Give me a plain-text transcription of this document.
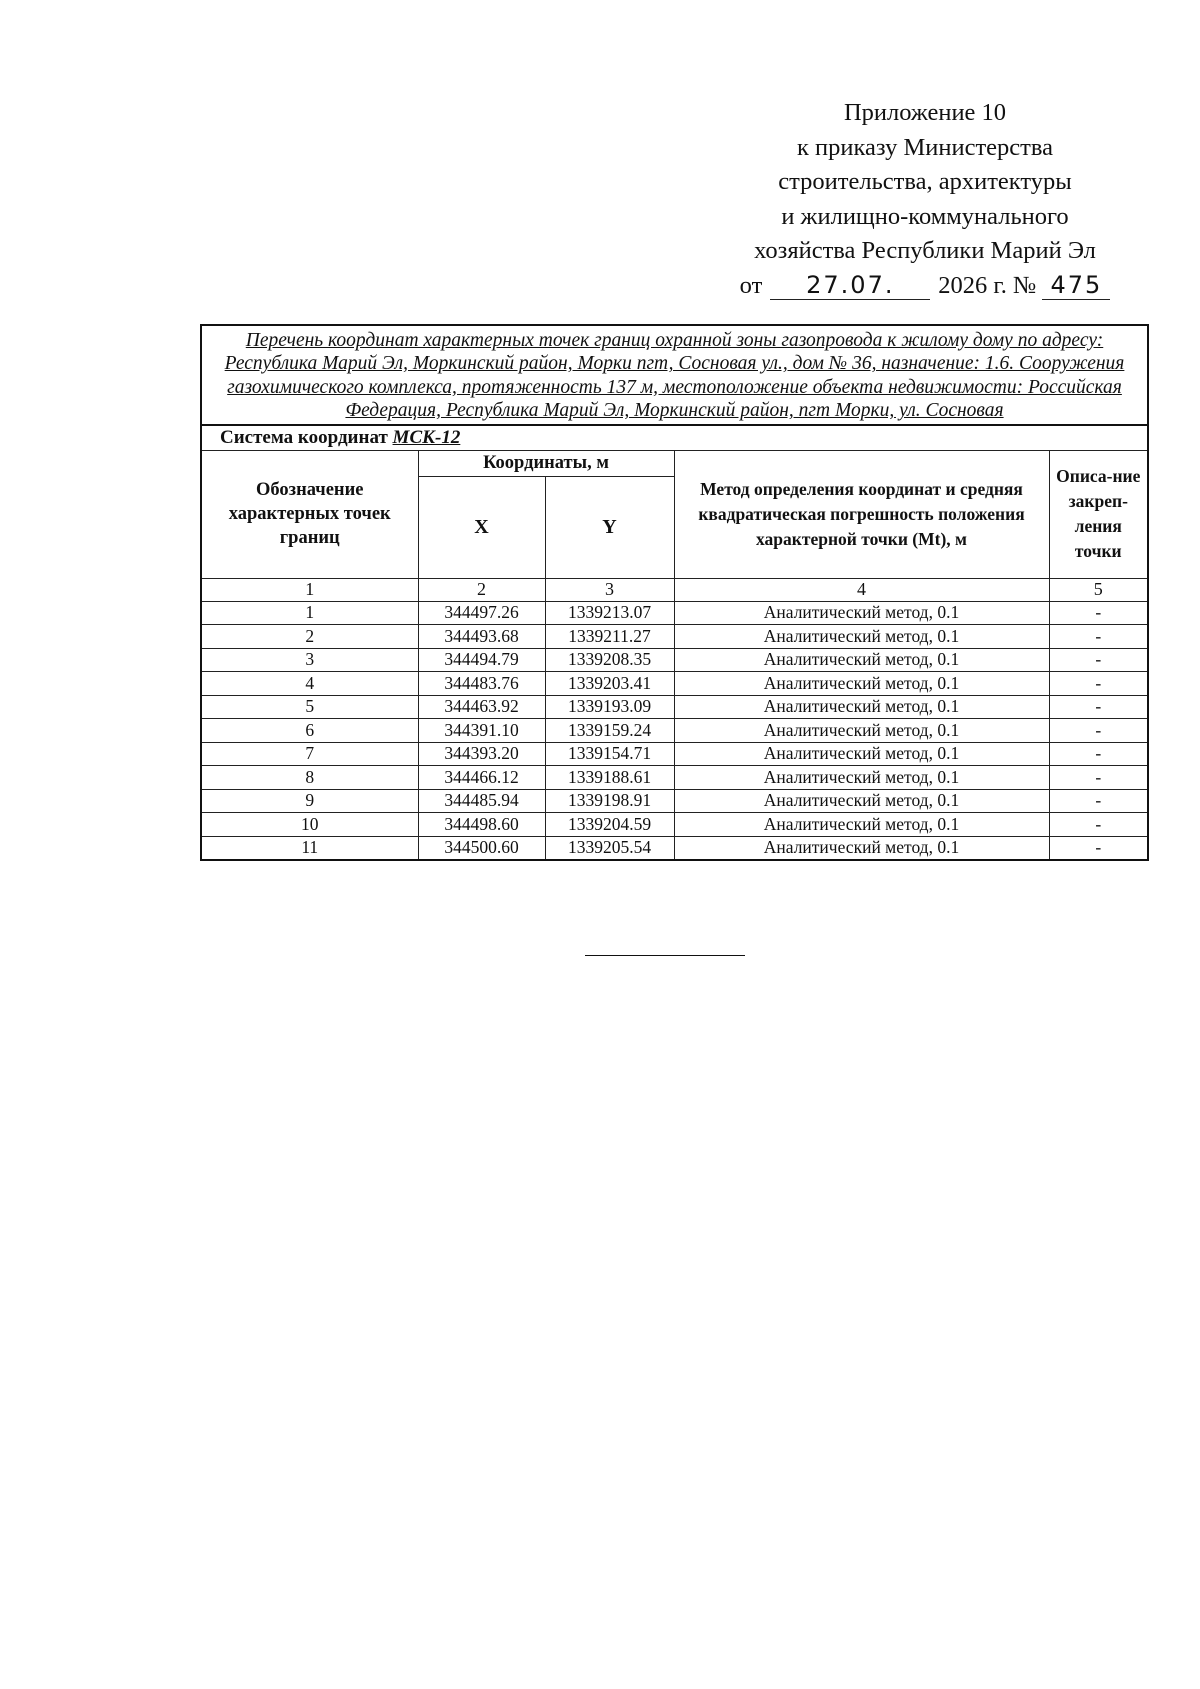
Приложение 10
к приказу Министерства
строительства, архитектуры
и жилищно-коммунального
хозяйства Республики Марий Эл
от 27.07. 2026 г. № 475
Перечень координат характерных точек границ охранной зоны газопровода к жилому дому по адресу: Республика Марий Эл, Моркинский район, Морки пгт, Сосновая ул., дом № 36, назначение: 1.6. Сооружения газохимического комплекса, протяженность 137 м, местоположение объекта недвижимости: Российская Федерация, Республика Марий Эл, Моркинский район, пгт Морки, ул. Сосновая				
Система координат МСК-12				
Обозначение характерных точек границ	Координаты, м		Метод определения координат и средняя квадратическая погрешность положения характерной точки (Mt), м	Описа-ние закреп-ления точки
	X	Y		
1	2	3	4	5
1	344497.26	1339213.07	Аналитический метод, 0.1	-
2	344493.68	1339211.27	Аналитический метод, 0.1	-
3	344494.79	1339208.35	Аналитический метод, 0.1	-
4	344483.76	1339203.41	Аналитический метод, 0.1	-
5	344463.92	1339193.09	Аналитический метод, 0.1	-
6	344391.10	1339159.24	Аналитический метод, 0.1	-
7	344393.20	1339154.71	Аналитический метод, 0.1	-
8	344466.12	1339188.61	Аналитический метод, 0.1	-
9	344485.94	1339198.91	Аналитический метод, 0.1	-
10	344498.60	1339204.59	Аналитический метод, 0.1	-
11	344500.60	1339205.54	Аналитический метод, 0.1	-
